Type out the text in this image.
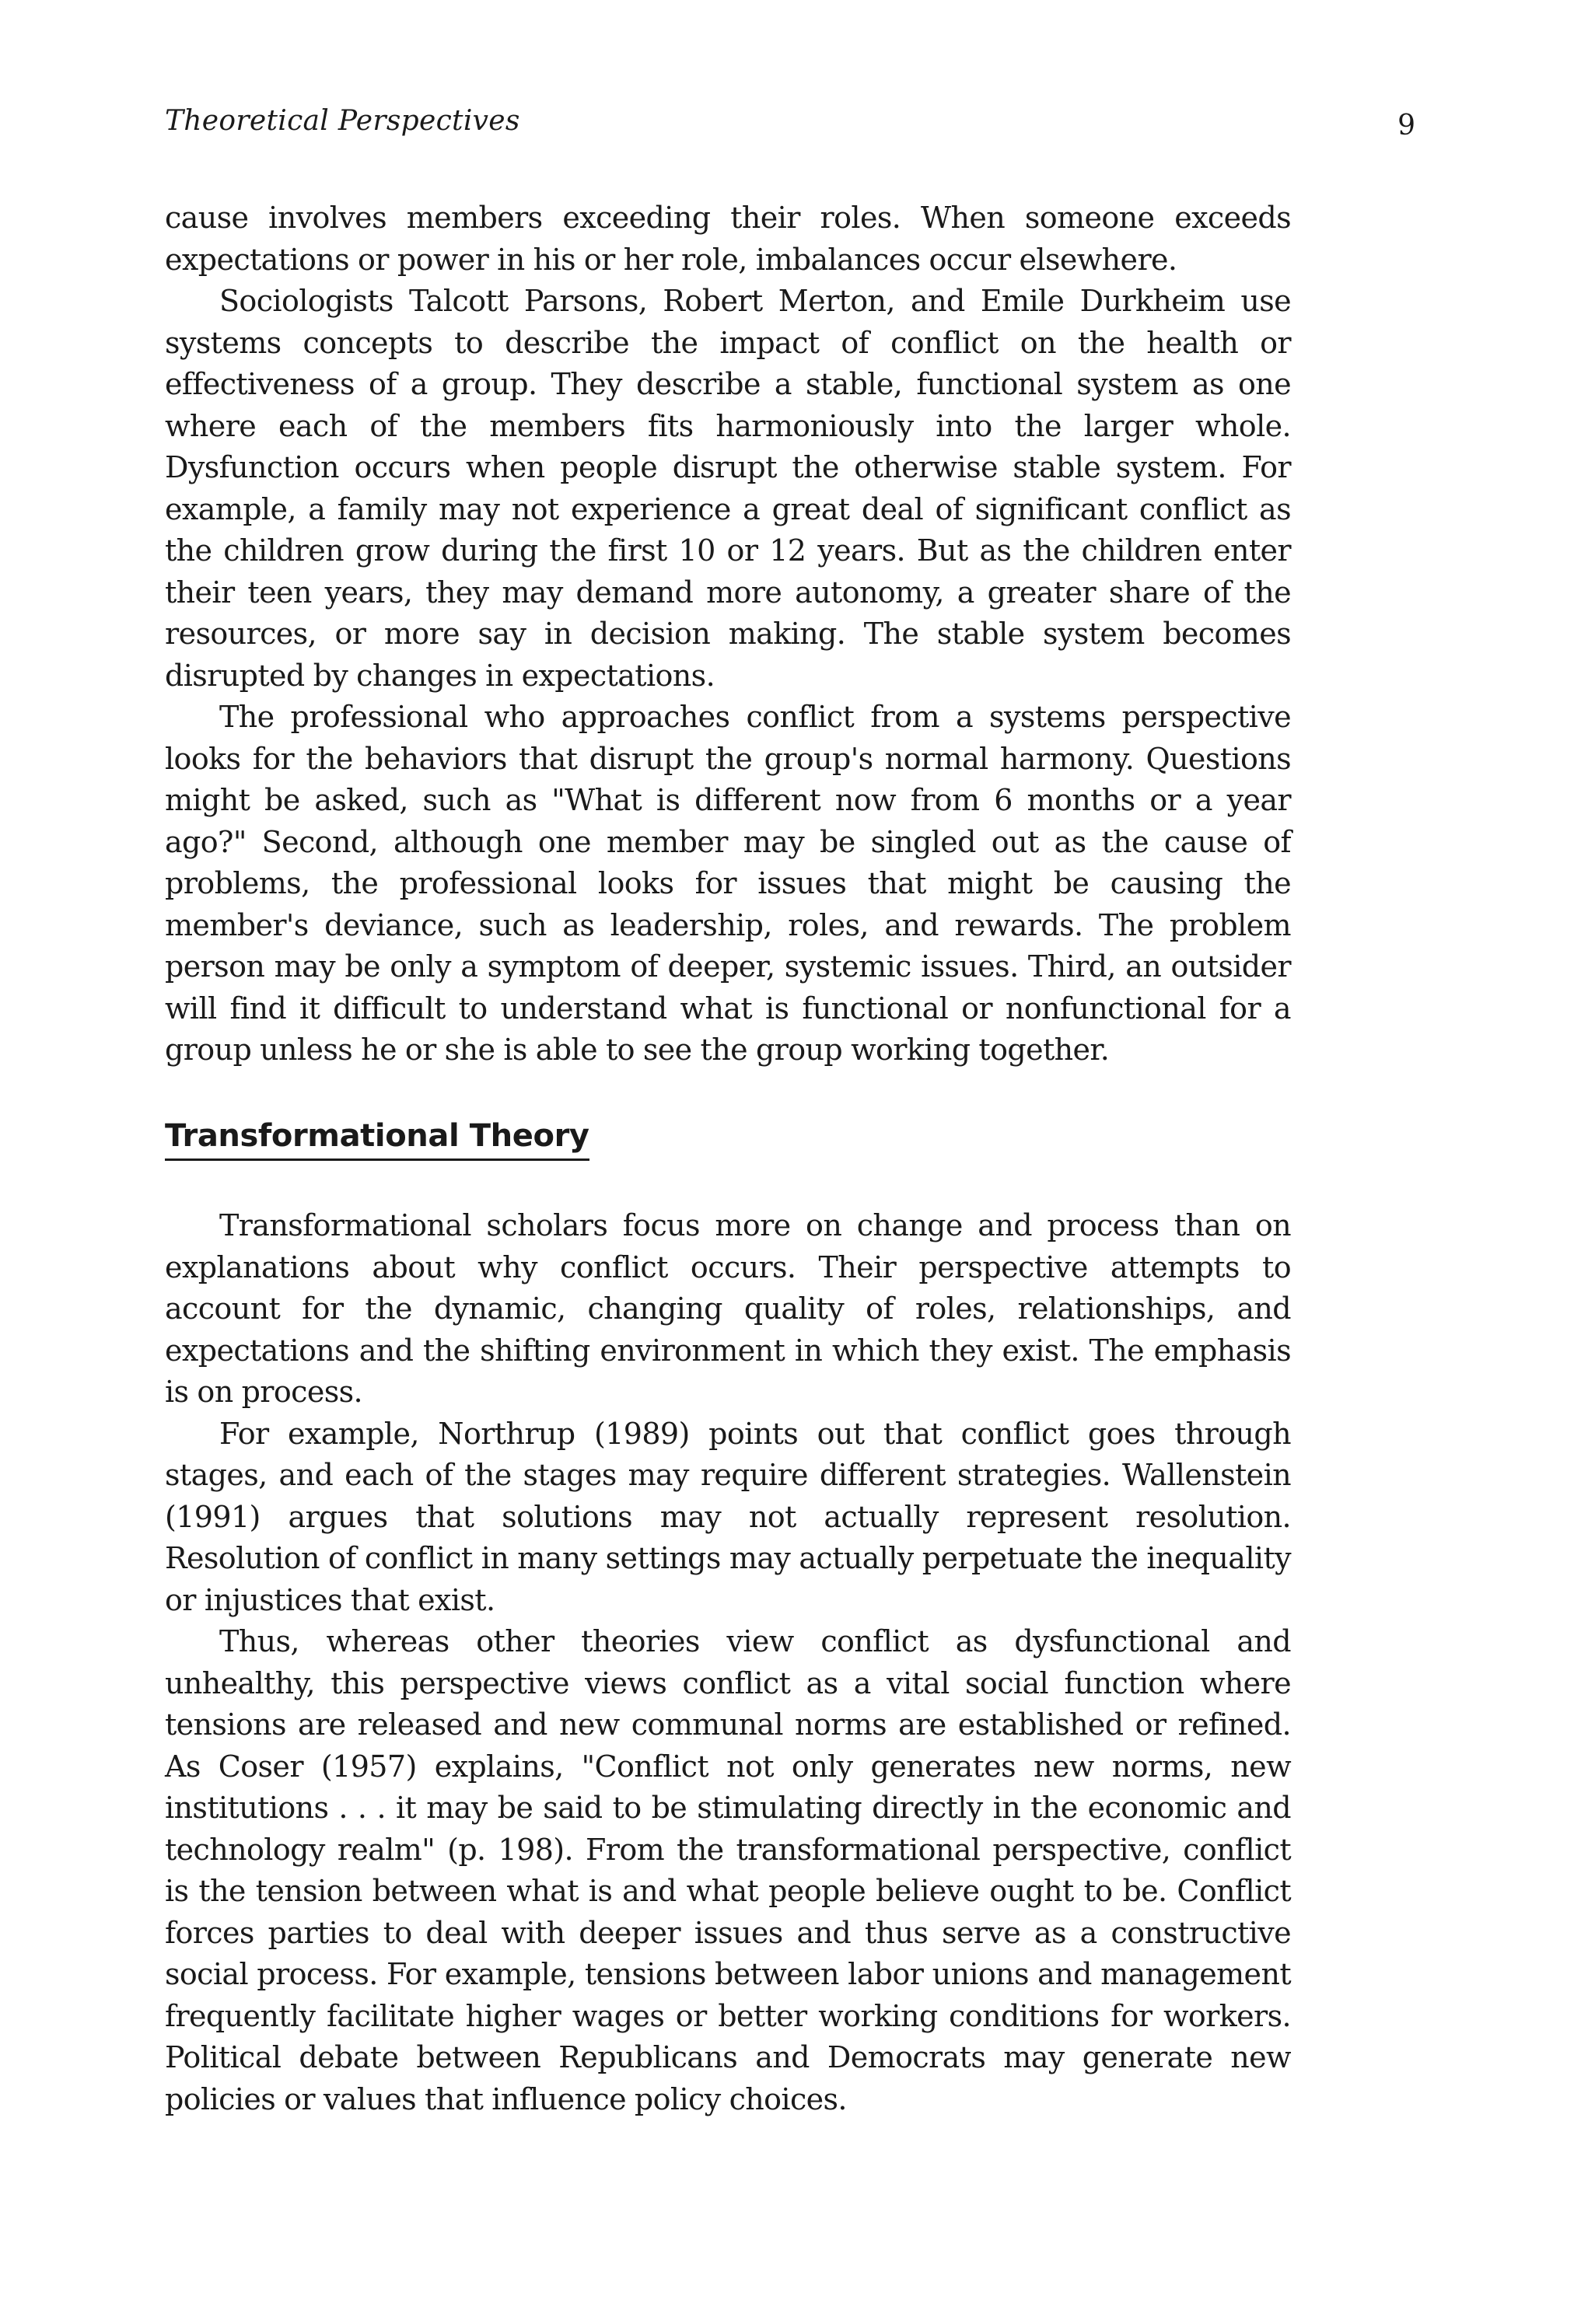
Theoretical Perspectives	9

cause involves members exceeding their roles. When someone exceeds expectations or power in his or her role, imbalances occur elsewhere.

Sociologists Talcott Parsons, Robert Merton, and Emile Durkheim use systems concepts to describe the impact of conflict on the health or effectiveness of a group. They describe a stable, functional system as one where each of the members fits harmoniously into the larger whole. Dysfunction occurs when people disrupt the otherwise stable system. For example, a family may not experience a great deal of significant conflict as the children grow during the first 10 or 12 years. But as the children enter their teen years, they may demand more autonomy, a greater share of the resources, or more say in decision making. The stable system becomes disrupted by changes in expectations.

The professional who approaches conflict from a systems perspective looks for the behaviors that disrupt the group's normal harmony. Questions might be asked, such as "What is different now from 6 months or a year ago?" Second, although one member may be singled out as the cause of problems, the professional looks for issues that might be causing the member's deviance, such as leadership, roles, and rewards. The problem person may be only a symptom of deeper, systemic issues. Third, an outsider will find it difficult to understand what is functional or nonfunctional for a group unless he or she is able to see the group working together.

Transformational Theory

Transformational scholars focus more on change and process than on explanations about why conflict occurs. Their perspective attempts to account for the dynamic, changing quality of roles, relationships, and expectations and the shifting environment in which they exist. The emphasis is on process.

For example, Northrup (1989) points out that conflict goes through stages, and each of the stages may require different strategies. Wallenstein (1991) argues that solutions may not actually represent resolution. Resolution of conflict in many settings may actually perpetuate the inequality or injustices that exist.

Thus, whereas other theories view conflict as dysfunctional and unhealthy, this perspective views conflict as a vital social function where tensions are released and new communal norms are established or refined. As Coser (1957) explains, "Conflict not only generates new norms, new institutions . . . it may be said to be stimulating directly in the economic and technology realm" (p. 198). From the transformational perspective, conflict is the tension between what is and what people believe ought to be. Conflict forces parties to deal with deeper issues and thus serve as a constructive social process. For example, tensions between labor unions and management frequently facilitate higher wages or better working conditions for workers. Political debate between Republicans and Democrats may generate new policies or values that influence policy choices.
